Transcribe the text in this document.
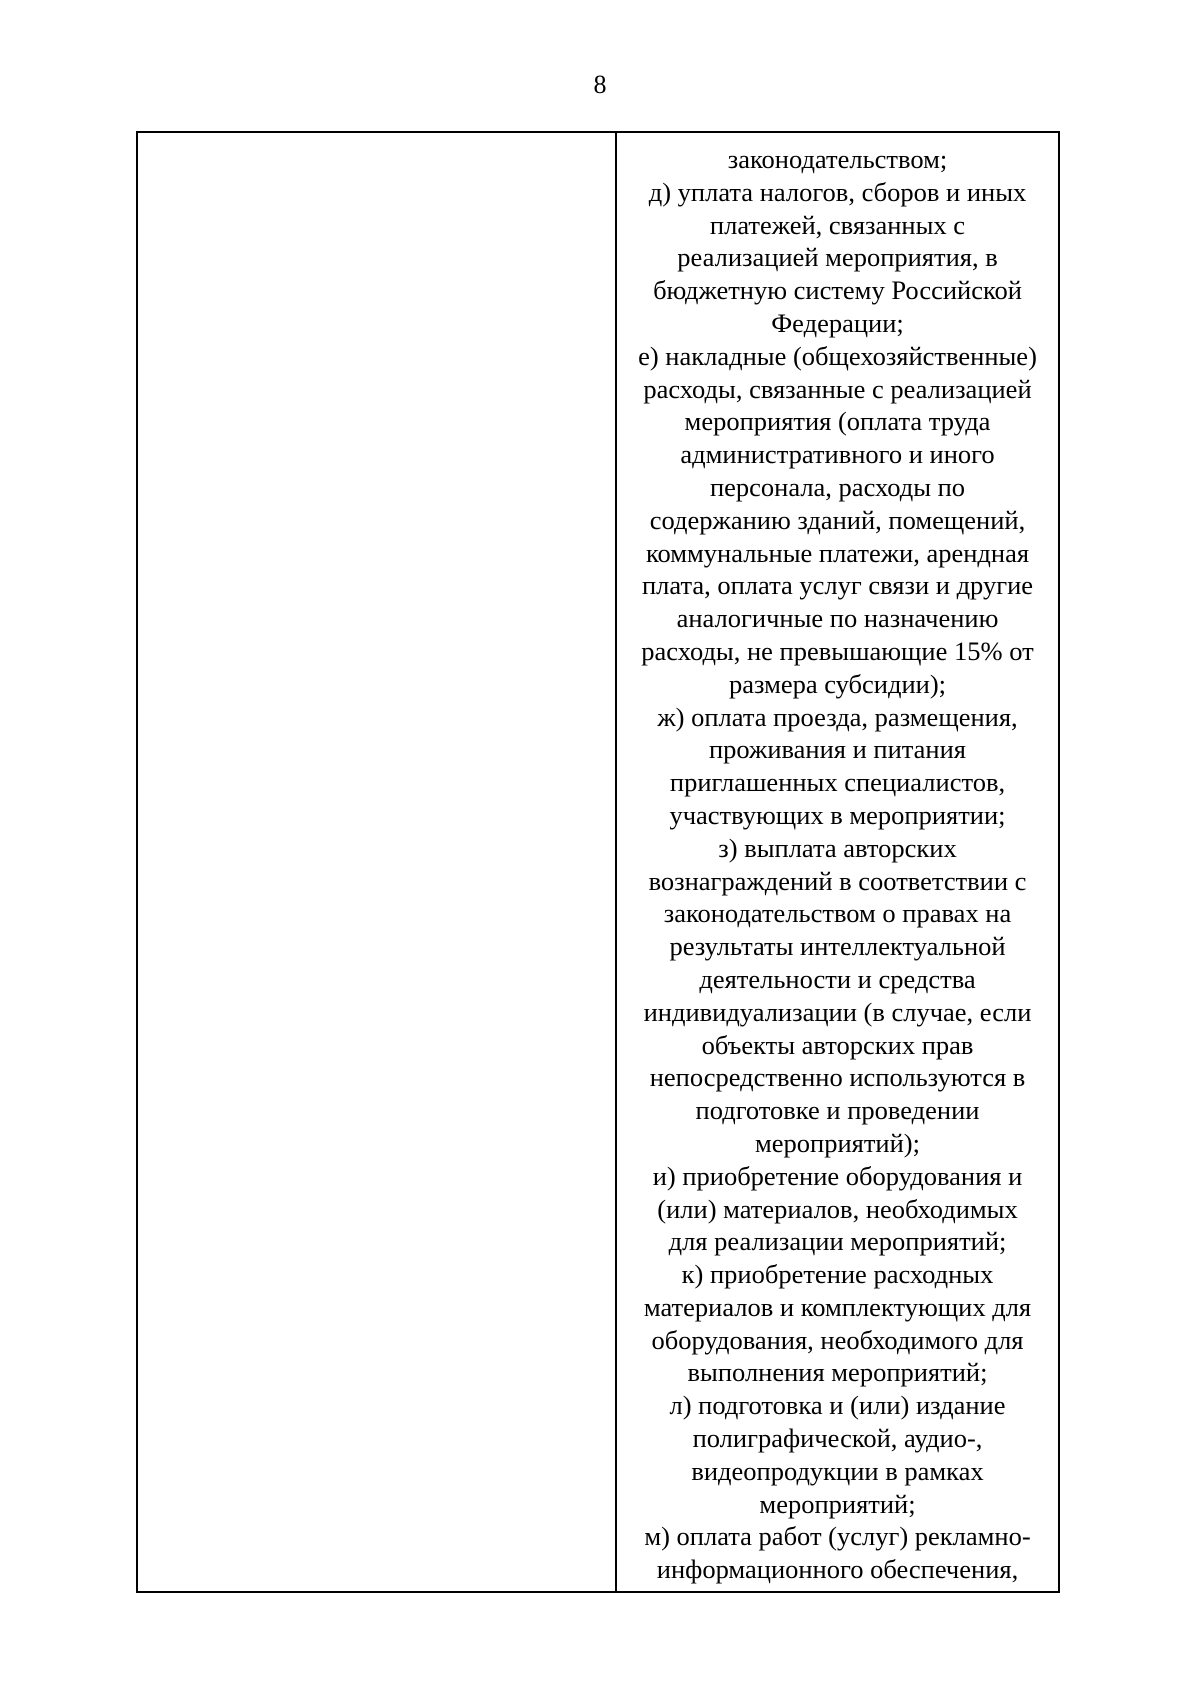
8
законодательством;
д) уплата налогов, сборов и иных
платежей, связанных с
реализацией мероприятия, в
бюджетную систему Российской
Федерации;
е) накладные (общехозяйственные)
расходы, связанные с реализацией
мероприятия (оплата труда
административного и иного
персонала, расходы по
содержанию зданий, помещений,
коммунальные платежи, арендная
плата, оплата услуг связи и другие
аналогичные по назначению
расходы, не превышающие 15% от
размера субсидии);
ж) оплата проезда, размещения,
проживания и питания
приглашенных специалистов,
участвующих в мероприятии;
з) выплата авторских
вознаграждений в соответствии с
законодательством о правах на
результаты интеллектуальной
деятельности и средства
индивидуализации (в случае, если
объекты авторских прав
непосредственно используются в
подготовке и проведении
мероприятий);
и) приобретение оборудования и
(или) материалов, необходимых
для реализации мероприятий;
к) приобретение расходных
материалов и комплектующих для
оборудования, необходимого для
выполнения мероприятий;
л) подготовка и (или) издание
полиграфической, аудио-,
видеопродукции в рамках
мероприятий;
м) оплата работ (услуг) рекламно-
информационного обеспечения,
